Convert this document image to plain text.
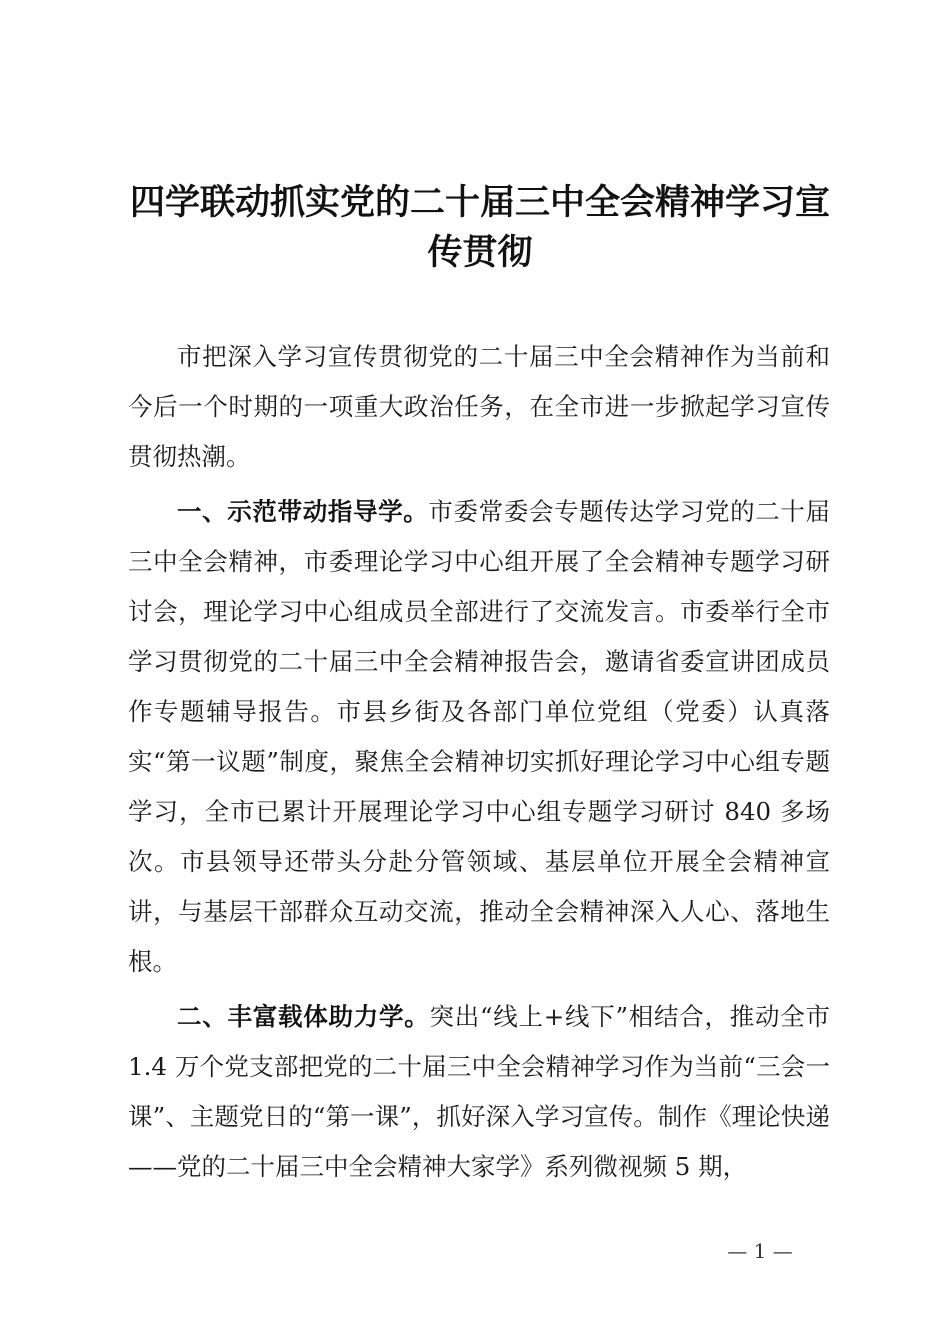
四学联动抓实党的二十届三中全会精神学习宣传贯彻

市把深入学习宣传贯彻党的二十届三中全会精神作为当前和今后一个时期的一项重大政治任务，在全市进一步掀起学习宣传贯彻热潮。

一、示范带动指导学。市委常委会专题传达学习党的二十届三中全会精神，市委理论学习中心组开展了全会精神专题学习研讨会，理论学习中心组成员全部进行了交流发言。市委举行全市学习贯彻党的二十届三中全会精神报告会，邀请省委宣讲团成员作专题辅导报告。市县乡街及各部门单位党组（党委）认真落实“第一议题”制度，聚焦全会精神切实抓好理论学习中心组专题学习，全市已累计开展理论学习中心组专题学习研讨 840 多场次。市县领导还带头分赴分管领域、基层单位开展全会精神宣讲，与基层干部群众互动交流，推动全会精神深入人心、落地生根。

二、丰富载体助力学。突出“线上+线下”相结合，推动全市 1.4 万个党支部把党的二十届三中全会精神学习作为当前“三会一课”、主题党日的“第一课”，抓好深入学习宣传。制作《理论快递——党的二十届三中全会精神大家学》系列微视频 5 期，

— 1 —
